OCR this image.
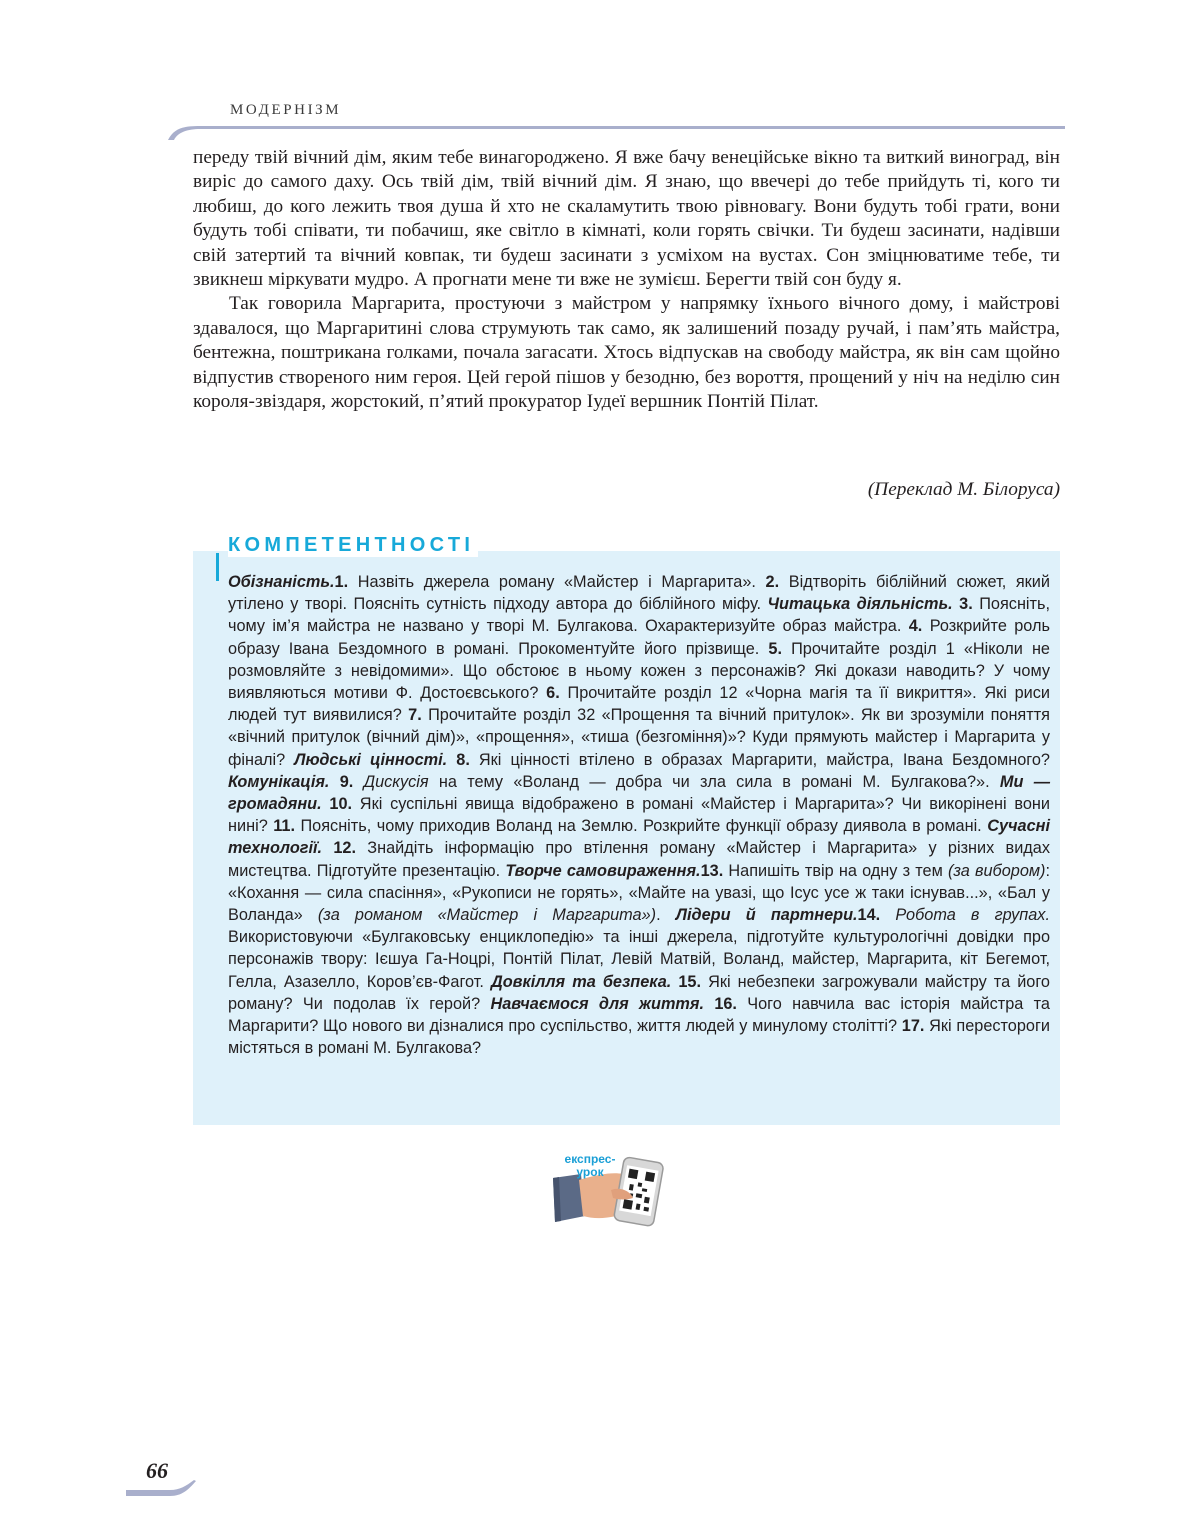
МОДЕРНІЗМ

переду твій вічний дім, яким тебе винагороджено. Я вже бачу венеційське вікно та виткий виноград, він виріс до самого даху. Ось твій дім, твій вічний дім. Я знаю, що ввечері до тебе прийдуть ті, кого ти любиш, до кого лежить твоя душа й хто не скаламутить твою рівновагу. Вони будуть тобі грати, вони будуть тобі співати, ти побачиш, яке світло в кімнаті, коли горять свічки. Ти будеш засинати, надівши свій затертий та вічний ковпак, ти будеш засинати з усміхом на вустах. Сон зміцнюватиме тебе, ти звикнеш міркувати мудро. А прогнати мене ти вже не зумієш. Берегти твій сон буду я.

Так говорила Маргарита, простуючи з майстром у напрямку їхнього вічного дому, і майстрові здавалося, що Маргаритині слова струмують так само, як залишений позаду ручай, і пам’ять майстра, бентежна, поштрикана голками, почала загасати. Хтось відпускав на свободу майстра, як він сам щойно відпустив створеного ним героя. Цей герой пішов у безодню, без вороття, прощений у ніч на неділю син короля-звіздаря, жорстокий, п’ятий прокуратор Іудеї вершник Понтій Пілат.

(Переклад М. Білоруса)
КОМПЕТЕНТНОСТІ
Обізнаність.1. Назвіть джерела роману «Майстер і Маргарита». 2. Відтворіть біблійний сюжет, який утілено у творі. Поясніть сутність підходу автора до біблійного міфу. Читацька діяльність. 3. Поясніть, чому ім’я майстра не названо у творі М. Булгакова. Охарактеризуйте образ майстра. 4. Розкрийте роль образу Івана Бездомного в романі. Прокоментуйте його прізвище. 5. Прочитайте розділ 1 «Ніколи не розмовляйте з невідомими». Що обстоює в ньому кожен з персонажів? Які докази наводить? У чому виявляються мотиви Ф. Достоєвського? 6. Прочитайте розділ 12 «Чорна магія та її викриття». Які риси людей тут виявилися? 7. Прочитайте розділ 32 «Прощення та вічний притулок». Як ви зрозуміли поняття «вічний притулок (вічний дім)», «прощення», «тиша (безгоміння)»? Куди прямують майстер і Маргарита у фіналі? Людські цінності. 8. Які цінності втілено в образах Маргарити, майстра, Івана Бездомного? Комунікація. 9. Дискусія на тему «Воланд — добра чи зла сила в романі М. Булгакова?». Ми — громадяни. 10. Які суспільні явища відображено в романі «Майстер і Маргарита»? Чи викорінені вони нині? 11. Поясніть, чому приходив Воланд на Землю. Розкрийте функції образу диявола в романі. Сучасні технології. 12. Знайдіть інформацію про втілення роману «Майстер і Маргарита» у різних видах мистецтва. Підготуйте презентацію. Творче самовираження.13. Напишіть твір на одну з тем (за вибором): «Кохання — сила спасіння», «Рукописи не горять», «Майте на увазі, що Ісус усе ж таки існував...», «Бал у Воланда» (за романом «Майстер і Маргарита»). Лідери й партнери.14. Робота в групах. Використовуючи «Булгаковську енциклопедію» та інші джерела, підготуйте культурологічні довідки про персонажів твору: Ієшуа Га-Ноцрі, Понтій Пілат, Левій Матвій, Воланд, майстер, Маргарита, кіт Бегемот, Гелла, Азазелло, Коров’єв-Фагот. Довкілля та безпека. 15. Які небезпеки загрожували майстру та його роману? Чи подолав їх герой? Навчаємося для життя. 16. Чого навчила вас історія майстра та Маргарити? Що нового ви дізналися про суспільство, життя людей у минулому столітті? 17. Які перестороги містяться в романі М. Булгакова?
експрес-
урок
66
